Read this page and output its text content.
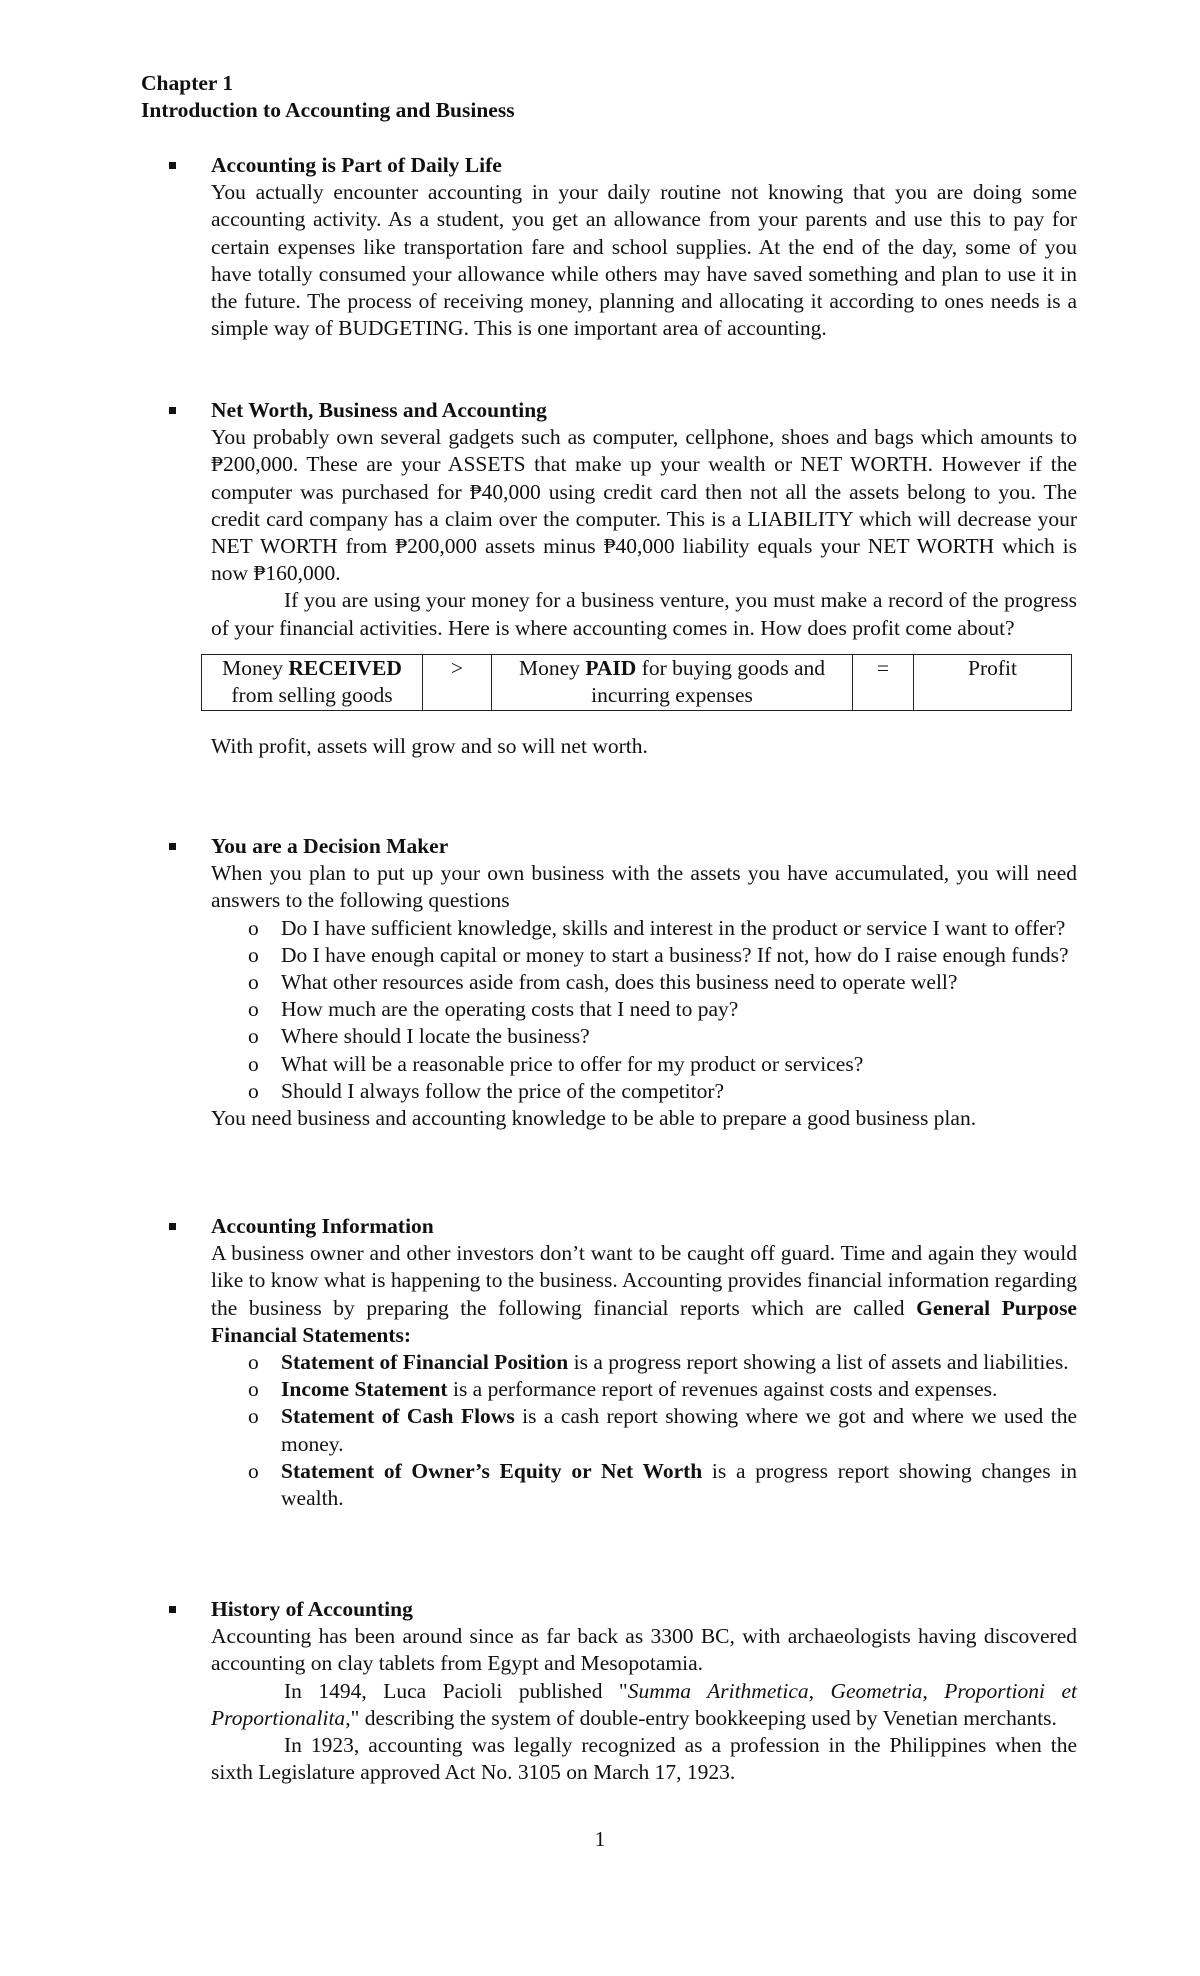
Chapter 1
Introduction to Accounting and Business
Accounting is Part of Daily Life

You actually encounter accounting in your daily routine not knowing that you are doing some accounting activity. As a student, you get an allowance from your parents and use this to pay for certain expenses like transportation fare and school supplies. At the end of the day, some of you have totally consumed your allowance while others may have saved something and plan to use it in the future. The process of receiving money, planning and allocating it according to ones needs is a simple way of BUDGETING. This is one important area of accounting.

Net Worth, Business and Accounting

You probably own several gadgets such as computer, cellphone, shoes and bags which amounts to ₱200,000. These are your ASSETS that make up your wealth or NET WORTH. However if the computer was purchased for ₱40,000 using credit card then not all the assets belong to you. The credit card company has a claim over the computer. This is a LIABILITY which will decrease your NET WORTH from ₱200,000 assets minus ₱40,000 liability equals your NET WORTH which is now ₱160,000.

If you are using your money for a business venture, you must make a record of the progress of your financial activities. Here is where accounting comes in. How does profit come about?

Money RECEIVED
from selling goods	>	Money PAID for buying goods and incurring expenses	=	Profit

With profit, assets will grow and so will net worth.

You are a Decision Maker

When you plan to put up your own business with the assets you have accumulated, you will need answers to the following questions

o Do I have sufficient knowledge, skills and interest in the product or service I want to offer?
o Do I have enough capital or money to start a business? If not, how do I raise enough funds?
o What other resources aside from cash, does this business need to operate well?
o How much are the operating costs that I need to pay?
o Where should I locate the business?
o What will be a reasonable price to offer for my product or services?
o Should I always follow the price of the competitor?

You need business and accounting knowledge to be able to prepare a good business plan.

Accounting Information

A business owner and other investors don’t want to be caught off guard. Time and again they would like to know what is happening to the business. Accounting provides financial information regarding the business by preparing the following financial reports which are called General Purpose Financial Statements:

o Statement of Financial Position is a progress report showing a list of assets and liabilities.
o Income Statement is a performance report of revenues against costs and expenses.
o Statement of Cash Flows is a cash report showing where we got and where we used the money.
o Statement of Owner’s Equity or Net Worth is a progress report showing changes in wealth.
History of Accounting

Accounting has been around since as far back as 3300 BC, with archaeologists having discovered accounting on clay tablets from Egypt and Mesopotamia.

In 1494, Luca Pacioli published "Summa Arithmetica, Geometria, Proportioni et Proportionalita," describing the system of double-entry bookkeeping used by Venetian merchants.

In 1923, accounting was legally recognized as a profession in the Philippines when the sixth Legislature approved Act No. 3105 on March 17, 1923.

1
